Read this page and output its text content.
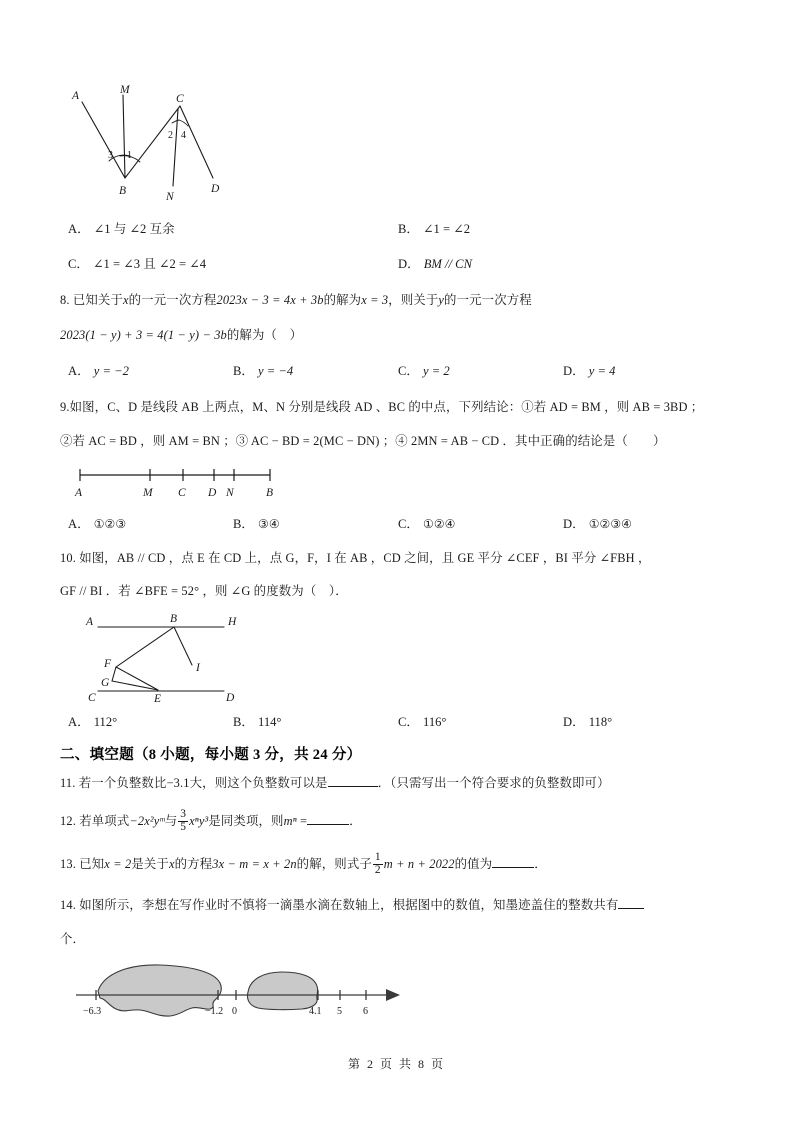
A	M
C
B	N
D
3 1
2 4
A． ∠1 与 ∠2 互余	B． ∠1 = ∠2
C． ∠1 = ∠3 且 ∠2 = ∠4	D． BM // CN
8. 已知关于x的一元一次方程2023x − 3 = 4x + 3b的解为x = 3，则关于y的一元一次方程
2023(1 − y) + 3 = 4(1 − y) − 3b的解为（　）
A． y = −2	B． y = −4	C． y = 2	D． y = 4
9.如图，C、D 是线段 AB 上两点，M、N 分别是线段 AD 、BC 的中点，下列结论：①若 AD = BM ，则 AB = 3BD ；
②若 AC = BD ，则 AM = BN ；③ AC − BD = 2(MC − DN) ；④ 2MN = AB − CD ．其中正确的结论是（　　）
A	M C D N	B
A． ①②③	B． ③④	C． ①②④	D． ①②③④
10. 如图，AB // CD ，点 E 在 CD 上，点 G，F，I 在 AB ，CD 之间，且 GE 平分 ∠CEF ，BI 平分 ∠FBH ，
GF // BI ．若 ∠BFE = 52° ，则 ∠G 的度数为（　）．
A	B	H
F	I
G
C	E	D
A． 112°	B． 114°	C． 116°	D． 118°
二、填空题（8 小题，每小题 3 分，共 24 分）
11. 若一个负整数比−3.1大，则这个负整数可以是	．（只需写出一个符合要求的负整数即可）
12. 若单项式−2x²yᵐ与 $\frac{3}{5} x^ny^3$是同类项，则mⁿ =	．
13. 已知x = 2是关于x的方程3x − m = x + 2n的解，则式子 $\frac{1}{2}$ m + n + 2022的值为	．
14. 如图所示，李想在写作业时不慎将一滴墨水滴在数轴上，根据图中的数值，知墨迹盖住的整数共有
个．
−6.3	−1.2 0	4.1 5 6
第 2 页 共 8 页
